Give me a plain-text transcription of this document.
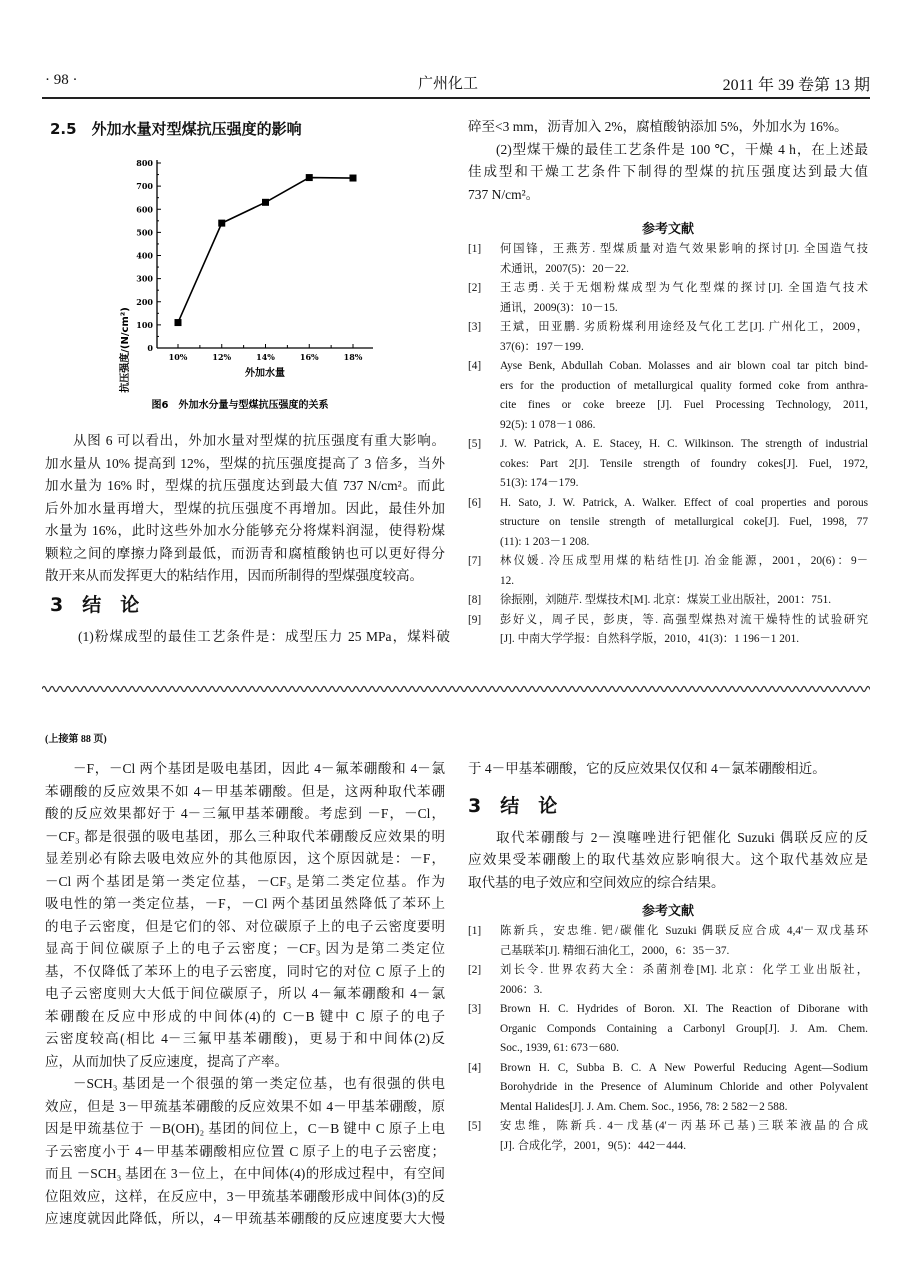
· 98 ·	广州化工	2011 年 39 卷第 13 期
2.5　外加水量对型煤抗压强度的影响
抗压强度/(N/cm²)	外加水量
图6　外加水分量与型煤抗压强度的关系
0
100
200
300
400
500
600
700
800
10%	12%	14%	16%	18%
从图 6 可以看出，外加水量对型煤的抗压强度有重大影响。
加水量从 10% 提高到 12%，型煤的抗压强度提高了 3 倍多，当外
加水量为 16% 时，型煤的抗压强度达到最大值 737 N/cm²。而此
后外加水量再增大，型煤的抗压强度不再增加。因此，最佳外加
水量为 16%，此时这些外加水分能够充分将煤料润湿，使得粉煤
颗粒之间的摩擦力降到最低，而沥青和腐植酸钠也可以更好得分
散开来从而发挥更大的粘结作用，因而所制得的型煤强度较高。
3　结　论
(1)粉煤成型的最佳工艺条件是：成型压力 25 MPa，煤料破
碎至<3 mm，沥青加入 2%，腐植酸钠添加 5%，外加水为 16%。
(2)型煤干燥的最佳工艺条件是 100 ℃，干燥 4 h，在上述最
佳成型和干燥工艺条件下制得的型煤的抗压强度达到最大值
737 N/cm²。
参考文献
[1]	何国锋，王燕芳. 型煤质量对造气效果影响的探讨[J]. 全国造气技
术通讯，2007(5)：20－22.
[2]	王志勇. 关于无烟粉煤成型为气化型煤的探讨[J]. 全国造气技术
通讯，2009(3)：10－15.
[3]	王斌，田亚鹏. 劣质粉煤利用途经及气化工艺[J]. 广州化工，2009，
37(6)：197－199.
[4]	Ayse Benk, Abdullah Coban. Molasses and air blown coal tar pitch bind-
ers for the production of metallurgical quality formed coke from anthra-
cite fines or coke breeze [J]. Fuel Processing Technology, 2011,
92(5): 1 078－1 086.
[5]	J. W. Patrick, A. E. Stacey, H. C. Wilkinson. The strength of industrial
cokes: Part 2[J]. Tensile strength of foundry cokes[J]. Fuel, 1972,
51(3): 174－179.
[6]	H. Sato, J. W. Patrick, A. Walker. Effect of coal properties and porous
structure on tensile strength of metallurgical coke[J]. Fuel, 1998, 77
(11): 1 203－1 208.
[7]	林仪媛. 冷压成型用煤的粘结性[J]. 冶金能源，2001，20(6)：9－
12.
[8]	徐振刚，刘随芹. 型煤技术[M]. 北京：煤炭工业出版社，2001：751.
[9]	彭好义，周孑民，彭庚，等. 高强型煤热对流干燥特性的试验研究
[J]. 中南大学学报：自然科学版，2010，41(3)：1 196－1 201.
(上接第 88 页)
－F，－Cl 两个基团是吸电基团，因此 4－氟苯硼酸和 4－氯
苯硼酸的反应效果不如 4－甲基苯硼酸。但是，这两种取代苯硼
酸的反应效果都好于 4－三氟甲基苯硼酸。考虑到 －F，－Cl，
－CF₃ 都是很强的吸电基团，那么三种取代苯硼酸反应效果的明
显差别必有除去吸电效应外的其他原因，这个原因就是：－F，
－Cl 两个基团是第一类定位基，－CF₃ 是第二类定位基。作为
吸电性的第一类定位基，－F，－Cl 两个基团虽然降低了苯环上
的电子云密度，但是它们的邻、对位碳原子上的电子云密度要明
显高于间位碳原子上的电子云密度；－CF₃ 因为是第二类定位
基，不仅降低了苯环上的电子云密度，同时它的对位 C 原子上的
电子云密度则大大低于间位碳原子，所以 4－氟苯硼酸和 4－氯
苯硼酸在反应中形成的中间体(4)的 C－B 键中 C 原子的电子
云密度较高(相比 4－三氟甲基苯硼酸)，更易于和中间体(2)反
应，从而加快了反应速度，提高了产率。
－SCH₃ 基团是一个很强的第一类定位基，也有很强的供电
效应，但是 3－甲巯基苯硼酸的反应效果不如 4－甲基苯硼酸，原
因是甲巯基位于 －B(OH)₂ 基团的间位上，C－B 键中 C 原子上电
子云密度小于 4－甲基苯硼酸相应位置 C 原子上的电子云密度；
而且 －SCH₃ 基团在 3－位上，在中间体(4)的形成过程中，有空间
位阻效应，这样，在反应中，3－甲巯基苯硼酸形成中间体(3)的反
应速度就因此降低，所以，4－甲巯基苯硼酸的反应速度要大大慢
于 4－甲基苯硼酸，它的反应效果仅仅和 4－氯苯硼酸相近。
3　结　论
取代苯硼酸与 2－溴噻唑进行钯催化 Suzuki 偶联反应的反
应效果受苯硼酸上的取代基效应影响很大。这个取代基效应是
取代基的电子效应和空间效应的综合结果。
参考文献
[1]	陈新兵，安忠维. 钯/碳催化 Suzuki 偶联反应合成 4,4'－双戊基环
己基联苯[J]. 精细石油化工，2000，6：35－37.
[2]	刘长令. 世界农药大全：杀菌剂卷[M]. 北京：化学工业出版社，
2006：3.
[3]	Brown H. C. Hydrides of Boron. XI. The Reaction of Diborane with
Organic Componds Containing a Carbonyl Group[J]. J. Am. Chem.
Soc., 1939, 61: 673－680.
[4]	Brown H. C, Subba B. C. A New Powerful Reducing Agent—Sodium
Borohydride in the Presence of Aluminum Chloride and other Polyvalent
Mental Halides[J]. J. Am. Chem. Soc., 1956, 78: 2 582－2 588.
[5]	安忠维，陈新兵. 4－戊基(4'－丙基环己基)三联苯液晶的合成
[J]. 合成化学，2001，9(5)：442－444.
